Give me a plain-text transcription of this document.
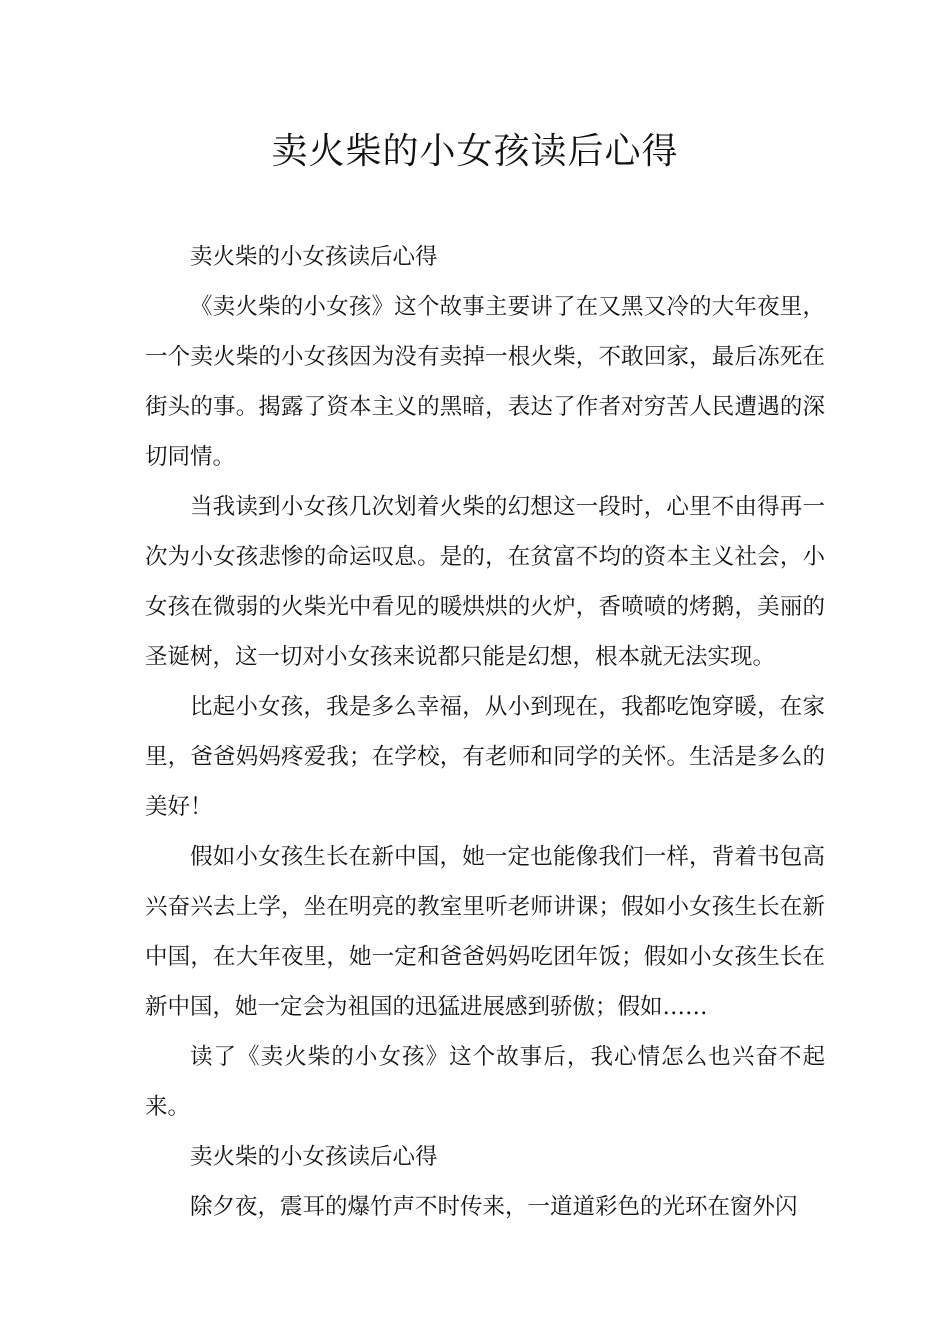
卖火柴的小女孩读后心得

卖火柴的小女孩读后心得

《卖火柴的小女孩》这个故事主要讲了在又黑又冷的大年夜里，一个卖火柴的小女孩因为没有卖掉一根火柴，不敢回家，最后冻死在街头的事。揭露了资本主义的黑暗，表达了作者对穷苦人民遭遇的深切同情。

当我读到小女孩几次划着火柴的幻想这一段时，心里不由得再一次为小女孩悲惨的命运叹息。是的，在贫富不均的资本主义社会，小女孩在微弱的火柴光中看见的暖烘烘的火炉，香喷喷的烤鹅，美丽的圣诞树，这一切对小女孩来说都只能是幻想，根本就无法实现。

比起小女孩，我是多么幸福，从小到现在，我都吃饱穿暖，在家里，爸爸妈妈疼爱我；在学校，有老师和同学的关怀。生活是多么的美好！

假如小女孩生长在新中国，她一定也能像我们一样，背着书包高兴奋兴去上学，坐在明亮的教室里听老师讲课；假如小女孩生长在新中国，在大年夜里，她一定和爸爸妈妈吃团年饭；假如小女孩生长在新中国，她一定会为祖国的迅猛进展感到骄傲；假如……

读了《卖火柴的小女孩》这个故事后，我心情怎么也兴奋不起来。

卖火柴的小女孩读后心得

除夕夜，震耳的爆竹声不时传来，一道道彩色的光环在窗外闪
